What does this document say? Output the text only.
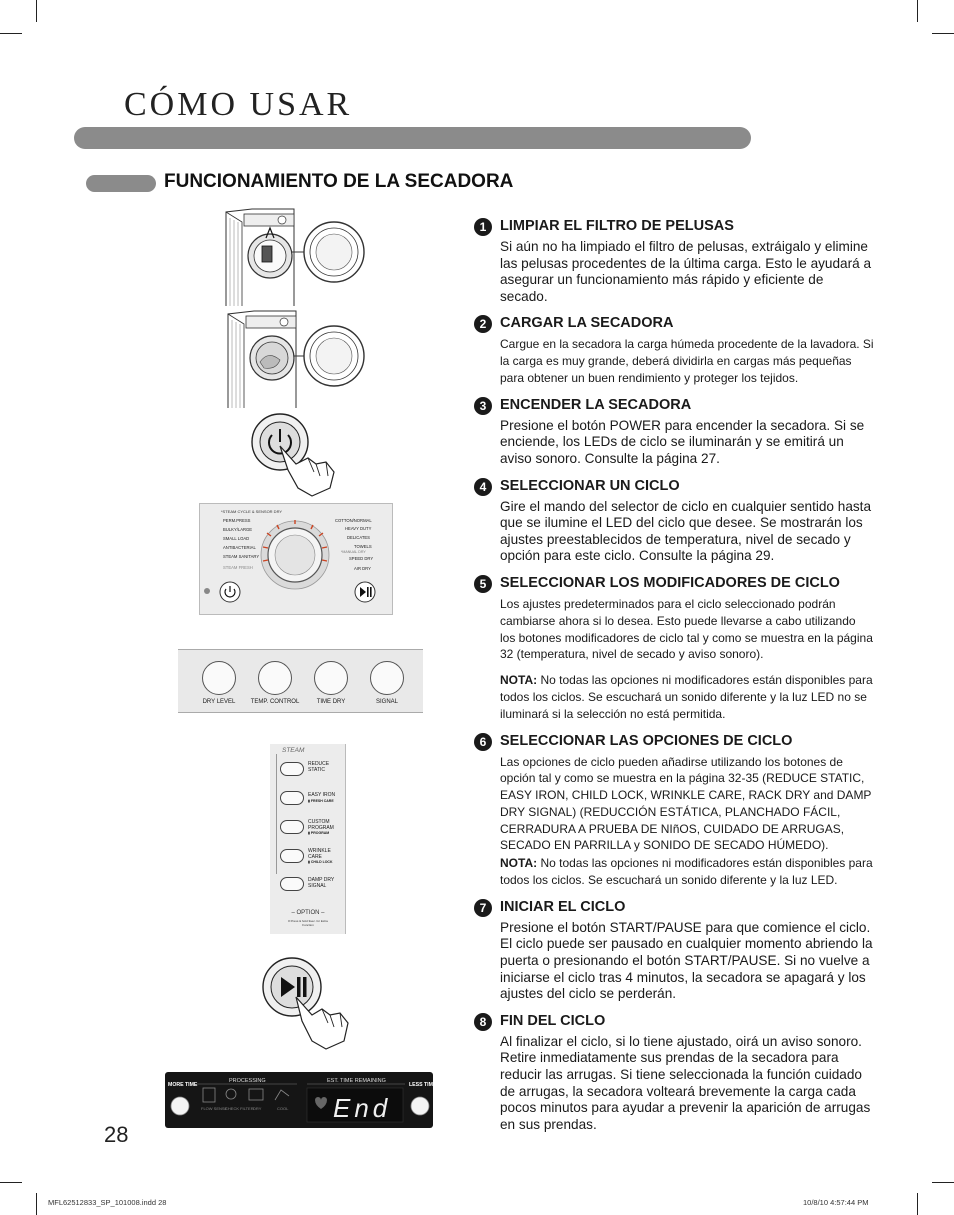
CÓMO USAR
FUNCIONAMIENTO DE LA SECADORA
*STEAM CYCLE & SENSOR DRY
PERM.PRESS
BULKY/LARGE
SMALL LOAD
ANTIBACTERIAL
STEAM SANITARY
STEAM FRESH
COTTON/NORMAL
HEAVY DUTY
DELICATES
TOWELS
*MANUAL DRY
SPEED DRY
AIR DRY
DRY LEVEL	TEMP. CONTROL	TIME DRY	SIGNAL
STEAM
REDUCE
STATIC
EASY IRON
▮ FRESH CARE
CUSTOM
PROGRAM
▮ PROGRAM
WRINKLE
CARE
▮ CHILD LOCK
DAMP DRY
SIGNAL
– OPTION –
# Press & hold 3sec. for Extra Function
MORE TIME	LESS TIME
PROCESSING	EST. TIME REMAINING
FLOW SENSE
CHECK FILTER DRY	COOL End
1 LIMPIAR EL FILTRO DE PELUSAS

Si aún no ha limpiado el filtro de pelusas, extráigalo y elimine las pelusas procedentes de la última carga. Esto le ayudará a asegurar un funcionamiento más rápido y eficiente de secado.

2 CARGAR LA SECADORA

Cargue en la secadora la carga húmeda procedente de la lavadora. Si la carga es muy grande, deberá dividirla en cargas más pequeñas para obtener un buen rendimiento y proteger los tejidos.

3 ENCENDER LA SECADORA

Presione el botón POWER para encender la secadora. Si se enciende, los LEDs de ciclo se iluminarán y se emitirá un aviso sonoro. Consulte la página 27.

4 SELECCIONAR UN CICLO

Gire el mando del selector de ciclo en cualquier sentido hasta que se ilumine el LED del ciclo que desee. Se mostrarán los ajustes preestablecidos de temperatura, nivel de secado y opción para este ciclo. Consulte la página 29.

5 SELECCIONAR LOS MODIFICADORES DE CICLO

Los ajustes predeterminados para el ciclo seleccionado podrán cambiarse ahora si lo desea. Esto puede llevarse a cabo utilizando los botones modificadores de ciclo tal y como se muestra en la página 32 (temperatura, nivel de secado y aviso sonoro).

NOTA: No todas las opciones ni modificadores están disponibles para todos los ciclos. Se escuchará un sonido diferente y la luz LED no se iluminará si la selección no está permitida.

6 SELECCIONAR LAS OPCIONES DE CICLO

Las opciones de ciclo pueden añadirse utilizando los botones de opción tal y como se muestra en la página 32-35 (REDUCE STATIC, EASY IRON, CHILD LOCK, WRINKLE CARE, RACK DRY and DAMP DRY SIGNAL) (REDUCCIÓN ESTÁTICA, PLANCHADO FÁCIL, CERRADURA A PRUEBA DE NIñOS, CUIDADO DE ARRUGAS, SECADO EN PARRILLA y SONIDO DE SECADO HÚMEDO).

NOTA: No todas las opciones ni modificadores están disponibles para todos los ciclos. Se escuchará un sonido diferente y la luz LED.

7 INICIAR EL CICLO

Presione el botón START/PAUSE para que comience el ciclo. El ciclo puede ser pausado en cualquier momento abriendo la puerta o presionando el botón START/PAUSE. Si no vuelve a iniciarse el ciclo tras 4 minutos, la secadora se apagará y los ajustes del ciclo se perderán.

8 FIN DEL CICLO

Al finalizar el ciclo, si lo tiene ajustado, oirá un aviso sonoro. Retire inmediatamente sus prendas de la secadora para reducir las arrugas. Si tiene seleccionada la función cuidado de arrugas, la secadora volteará brevemente la carga cada pocos minutos para ayudar a prevenir la aparición de arrugas en sus prendas.

28
MFL62512833_SP_101008.indd 28	10/8/10 4:57:44 PM
